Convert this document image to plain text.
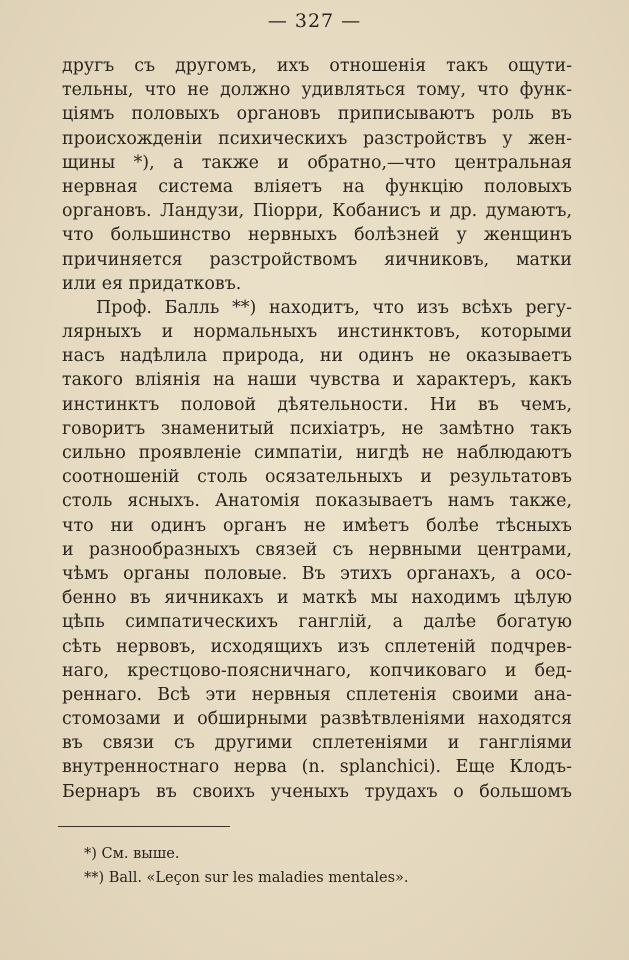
— 327 —
другъ съ другомъ, ихъ отношенія такъ ощути-
тельны, что не должно удивляться тому, что функ-
ціямъ половыхъ органовъ приписываютъ роль въ
происхожденіи психическихъ разстройствъ у жен-
щины *), а также и обратно,—что центральная
нервная система вліяетъ на функцію половыхъ
органовъ. Ландузи, Піорри, Кобанисъ и др. думаютъ,
что большинство нервныхъ болѣзней у женщинъ
причиняется разстройствомъ яичниковъ, матки
или ея придатковъ.
Проф. Балль **) находитъ, что изъ всѣхъ регу-
лярныхъ и нормальныхъ инстинктовъ, которыми
насъ надѣлила природа, ни одинъ не оказываетъ
такого вліянія на наши чувства и характеръ, какъ
инстинктъ половой дѣятельности. Ни въ чемъ,
говоритъ знаменитый психіатръ, не замѣтно такъ
сильно проявленіе симпатіи, нигдѣ не наблюдаютъ
соотношеній столь осязательныхъ и результатовъ
столь ясныхъ. Анатомія показываетъ намъ также,
что ни одинъ органъ не имѣетъ болѣе тѣсныхъ
и разнообразныхъ связей съ нервными центрами,
чѣмъ органы половые. Въ этихъ органахъ, а осо-
бенно въ яичникахъ и маткѣ мы находимъ цѣлую
цѣпь симпатическихъ ганглій, а далѣе богатую
сѣть нервовъ, исходящихъ изъ сплетеній подчрев-
наго, крестцово-поясничнаго, копчиковаго и бед-
реннаго. Всѣ эти нервныя сплетенія своими ана-
стомозами и обширными развѣтвленіями находятся
въ связи съ другими сплетеніями и гангліями
внутренностнаго нерва (n. splanchici). Еще Клодъ-
Бернаръ въ своихъ ученыхъ трудахъ о большомъ
*) См. выше.
**) Ball. «Leçon sur les maladies mentales».
